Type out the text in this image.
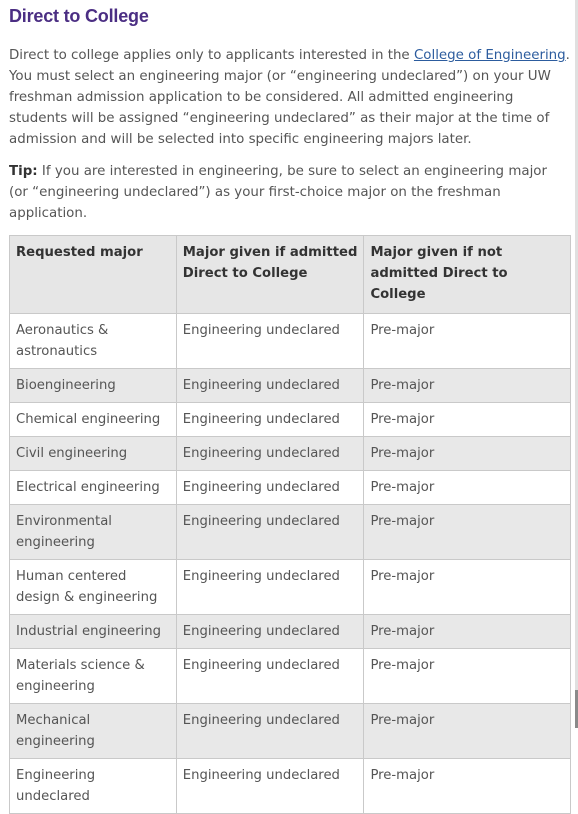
Direct to College

Direct to college applies only to applicants interested in the College of Engineering. You must select an engineering major (or “engineering undeclared”) on your UW freshman admission application to be considered. All admitted engineering students will be assigned “engineering undeclared” as their major at the time of admission and will be selected into specific engineering majors later.

Tip: If you are interested in engineering, be sure to select an engineering major (or “engineering undeclared”) as your first-choice major on the freshman application.

Requested major	Major given if admitted Direct to College	Major given if not admitted Direct to College
Aeronautics & astronautics	Engineering undeclared	Pre-major
Bioengineering	Engineering undeclared	Pre-major
Chemical engineering	Engineering undeclared	Pre-major
Civil engineering	Engineering undeclared	Pre-major
Electrical engineering	Engineering undeclared	Pre-major
Environmental engineering	Engineering undeclared	Pre-major
Human centered design & engineering	Engineering undeclared	Pre-major
Industrial engineering	Engineering undeclared	Pre-major
Materials science & engineering	Engineering undeclared	Pre-major
Mechanical engineering	Engineering undeclared	Pre-major
Engineering undeclared	Engineering undeclared	Pre-major
